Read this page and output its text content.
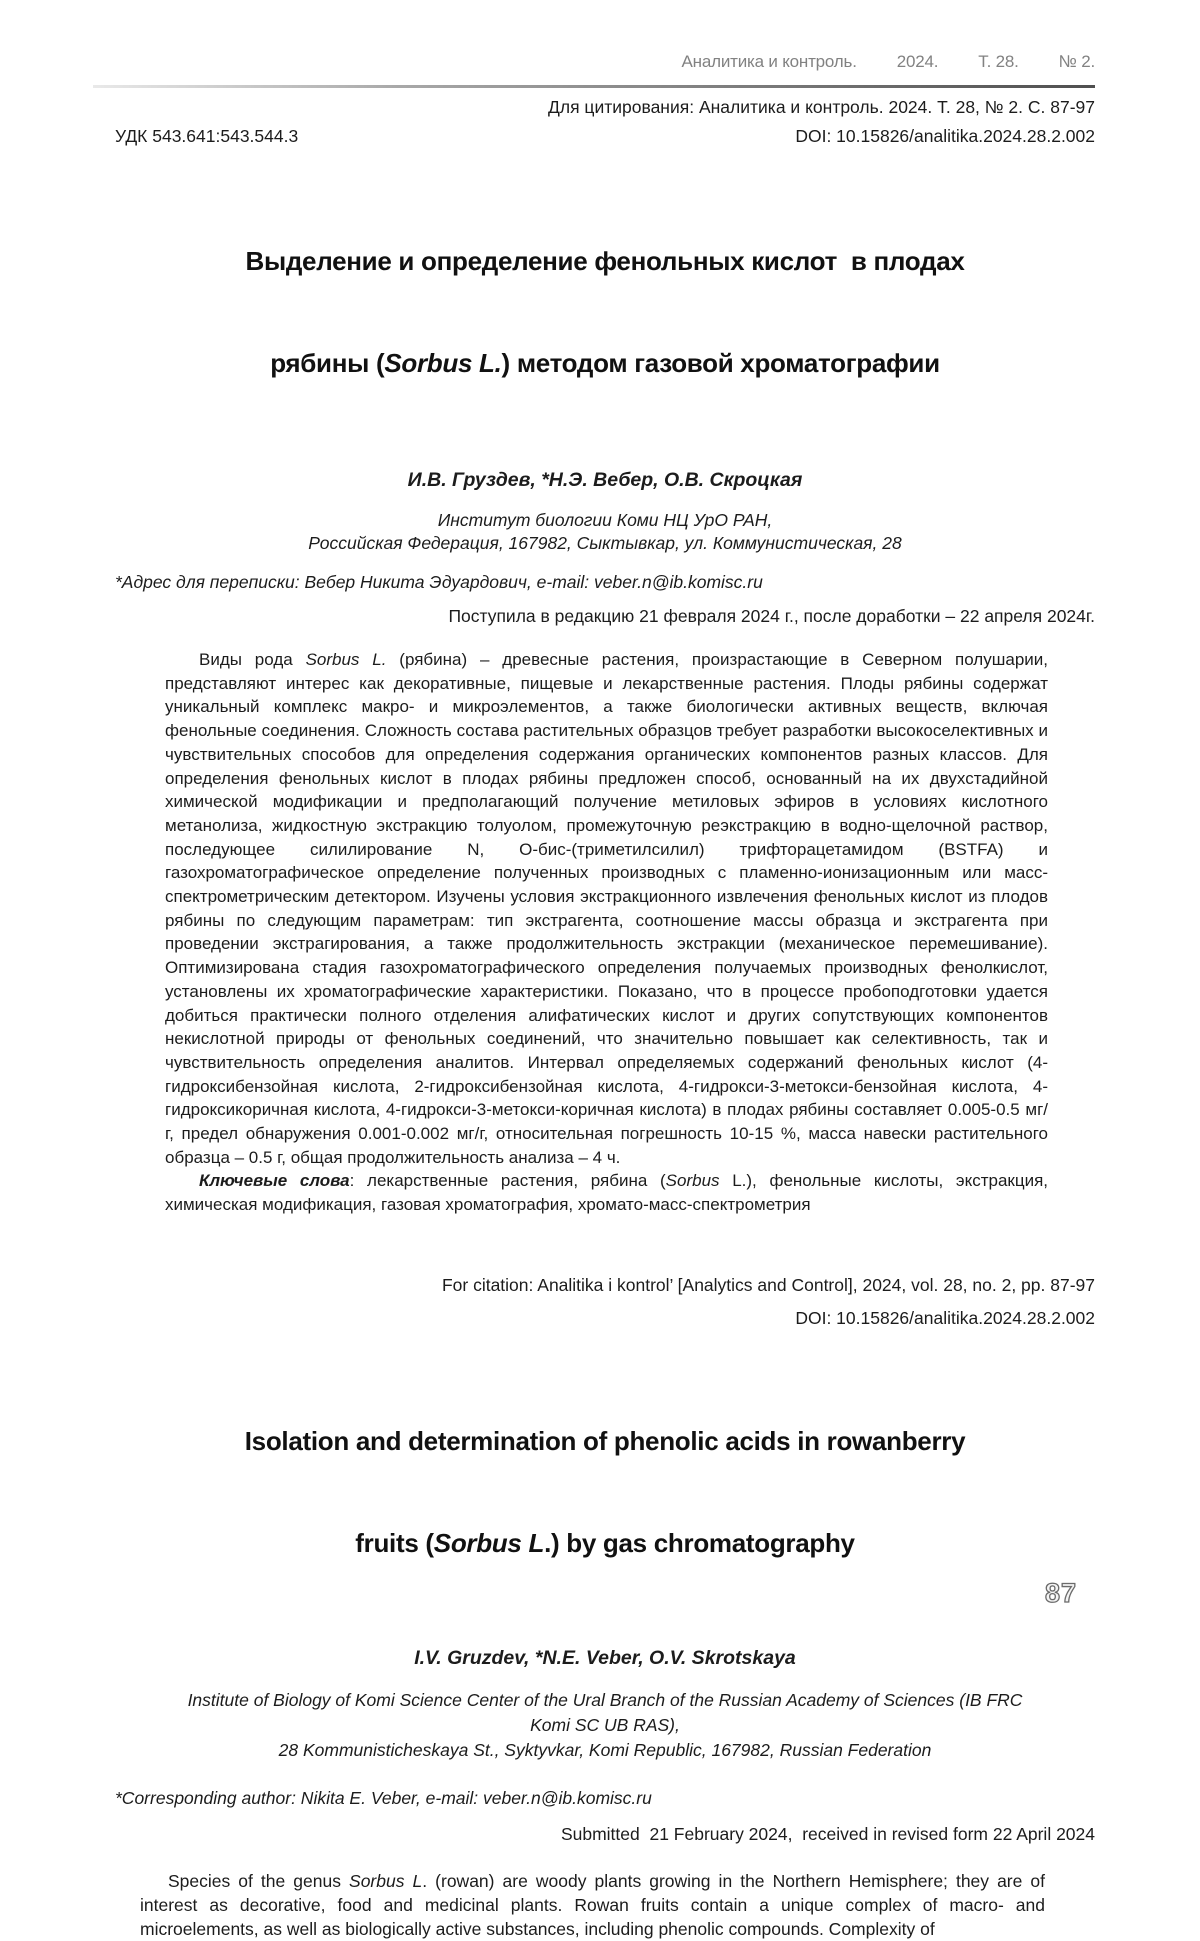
Аналитика и контроль. 2024. Т. 28. № 2.
Для цитирования: Аналитика и контроль. 2024. Т. 28, № 2. С. 87-97
УДК 543.641:543.544.3	DOI: 10.15826/analitika.2024.28.2.002

Выделение и определение фенольных кислот  в плодах

рябины (Sorbus L.) методом газовой хроматографии

И.В. Груздев, *Н.Э. Вебер, О.В. Скроцкая
Институт биологии Коми НЦ УрО РАН,
Российская Федерация, 167982, Сыктывкар, ул. Коммунистическая, 28
*Адрес для переписки: Вебер Никита Эдуардович, e-mail: veber.n@ib.komisc.ru
Поступила в редакцию 21 февраля 2024 г., после доработки – 22 апреля 2024г.

Виды рода Sorbus L. (рябина) – древесные растения, произрастающие в Северном полушарии, представляют интерес как декоративные, пищевые и лекарственные растения. Плоды рябины содержат уникальный комплекс макро- и микроэлементов, а также биологически активных веществ, включая фенольные соединения. Сложность состава растительных образцов требует разработки высокоселективных и чувствительных способов для определения содержания органических компонентов разных классов. Для определения фенольных кислот в плодах рябины предложен способ, основанный на их двухстадийной химической модификации и предполагающий получение метиловых эфиров в условиях кислотного метанолиза, жидкостную экстракцию толуолом, промежуточную реэкстракцию в водно-щелочной раствор, последующее силилирование N, О-бис-(триметилсилил) трифторацетамидом (BSTFA) и газохроматографическое определение полученных производных с пламенно-ионизационным или масс-спектрометрическим детектором. Изучены условия экстракционного извлечения фенольных кислот из плодов рябины по следующим параметрам: тип экстрагента, соотношение массы образца и экстрагента при проведении экстрагирования, а также продолжительность экстракции (механическое перемешивание). Оптимизирована стадия газохроматографического определения получаемых производных фенолкислот, установлены их хроматографические характеристики. Показано, что в процессе пробоподготовки удается добиться практически полного отделения алифатических кислот и других сопутствующих компонентов некислотной природы от фенольных соединений, что значительно повышает как селективность, так и чувствительность определения аналитов. Интервал определяемых содержаний фенольных кислот (4-гидроксибензойная кислота, 2-гидроксибензойная кислота, 4-гидрокси-3-метокси-бензойная кислота, 4-гидроксикоричная кислота, 4-гидрокси-3-метокси-коричная кислота) в плодах рябины составляет 0.005-0.5 мг/г, предел обнаружения 0.001-0.002 мг/г, относительная погрешность 10-15 %, масса навески растительного образца – 0.5 г, общая продолжительность анализа – 4 ч.

Ключевые слова: лекарственные растения, рябина (Sorbus L.), фенольные кислоты, экстракция, химическая модификация, газовая хроматография, хромато-масс-спектрометрия

For citation: Analitika i kontrol’ [Analytics and Control], 2024, vol. 28, no. 2, pp. 87-97
DOI: 10.15826/analitika.2024.28.2.002

Isolation and determination of phenolic acids in rowanberry

fruits (Sorbus L.) by gas chromatography

I.V. Gruzdev, *N.E. Veber, O.V. Skrotskaya
Institute of Biology of Komi Science Center of the Ural Branch of the Russian Academy of Sciences (IB FRC
Komi SC UB RAS),
28 Kommunisticheskaya St., Syktyvkar, Komi Republic, 167982, Russian Federation
*Corresponding author: Nikita E. Veber, e-mail: veber.n@ib.komisc.ru
Submitted  21 February 2024,  received in revised form 22 April 2024

Species of the genus Sorbus L. (rowan) are woody plants growing in the Northern Hemisphere; they are of interest as decorative, food and medicinal plants. Rowan fruits contain a unique complex of macro- and microelements, as well as biologically active substances, including phenolic compounds. Complexity of

87
